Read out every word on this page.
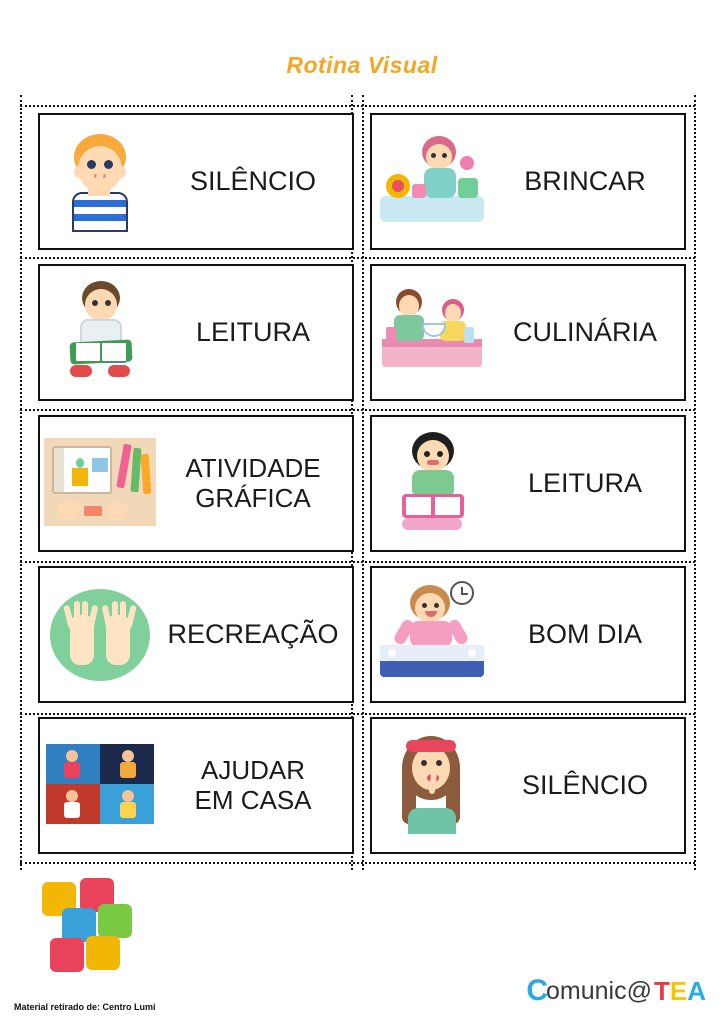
Rotina Visual
SILÊNCIO	BRINCAR
LEITURA	CULINÁRIA
ATIVIDADE
GRÁFICA	LEITURA
RECREAÇÃO	BOM DIA
AJUDAR
EM CASA	SILÊNCIO
Material retirado de: Centro Lumi	C
omunic@ TEA
